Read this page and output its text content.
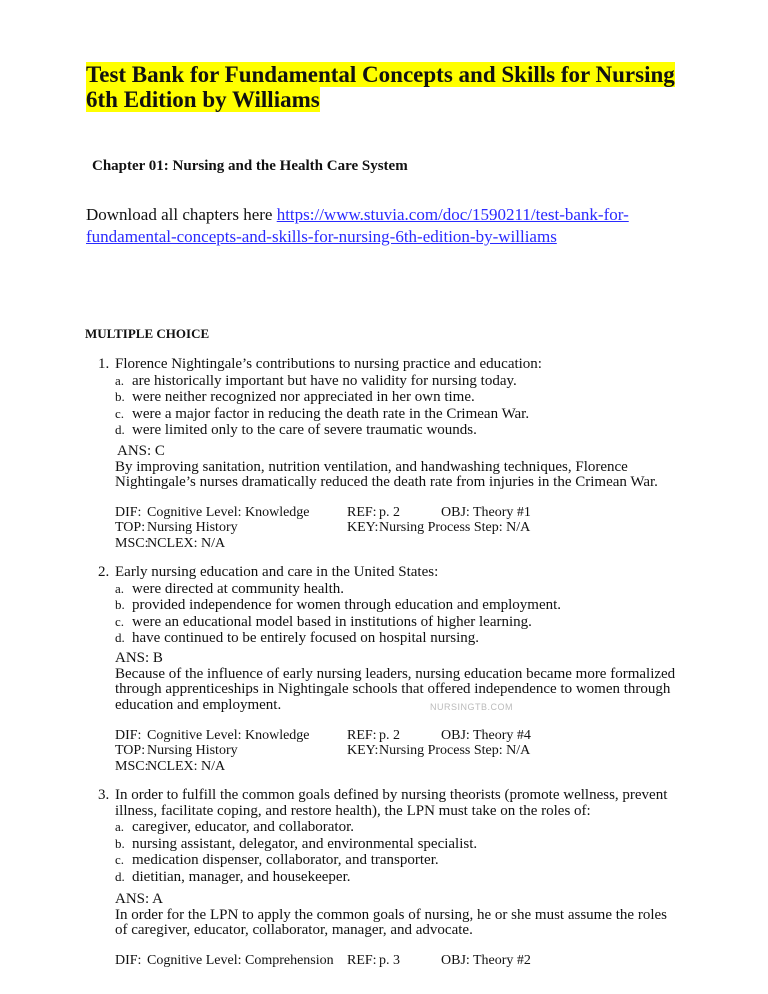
Test Bank for Fundamental Concepts and Skills for Nursing
6th Edition by Williams
Chapter 01: Nursing and the Health Care System
Download all chapters here https://www.stuvia.com/doc/1590211/test-bank-for-
fundamental-concepts-and-skills-for-nursing-6th-edition-by-williams
MULTIPLE CHOICE
1. Florence Nightingale’s contributions to nursing practice and education:
a. are historically important but have no validity for nursing today.
b. were neither recognized nor appreciated in her own time.
c. were a major factor in reducing the death rate in the Crimean War.
d. were limited only to the care of severe traumatic wounds.
ANS: C
By improving sanitation, nutrition ventilation, and handwashing techniques, Florence
Nightingale’s nurses dramatically reduced the death rate from injuries in the Crimean War.
DIF: Cognitive Level: Knowledge	REF: p. 2	OBJ: Theory #1
TOP: Nursing History	KEY: Nursing Process Step: N/A
MSC:
NCLEX: N/A
2. Early nursing education and care in the United States:
a. were directed at community health.
b. provided independence for women through education and employment.
c. were an educational model based in institutions of higher learning.
d. have continued to be entirely focused on hospital nursing.
ANS: B
Because of the influence of early nursing leaders, nursing education became more formalized
through apprenticeships in Nightingale schools that offered independence to women through
education and employment.	NURSINGTB.COM
DIF: Cognitive Level: Knowledge	REF: p. 2	OBJ: Theory #4
TOP: Nursing History	KEY: Nursing Process Step: N/A
MSC:
NCLEX: N/A
3. In order to fulfill the common goals defined by nursing theorists (promote wellness, prevent
illness, facilitate coping, and restore health), the LPN must take on the roles of:
a. caregiver, educator, and collaborator.
b. nursing assistant, delegator, and environmental specialist.
c. medication dispenser, collaborator, and transporter.
d. dietitian, manager, and housekeeper.
ANS: A
In order for the LPN to apply the common goals of nursing, he or she must assume the roles
of caregiver, educator, collaborator, manager, and advocate.
DIF: Cognitive Level: Comprehension REF: p. 3	OBJ: Theory #2
